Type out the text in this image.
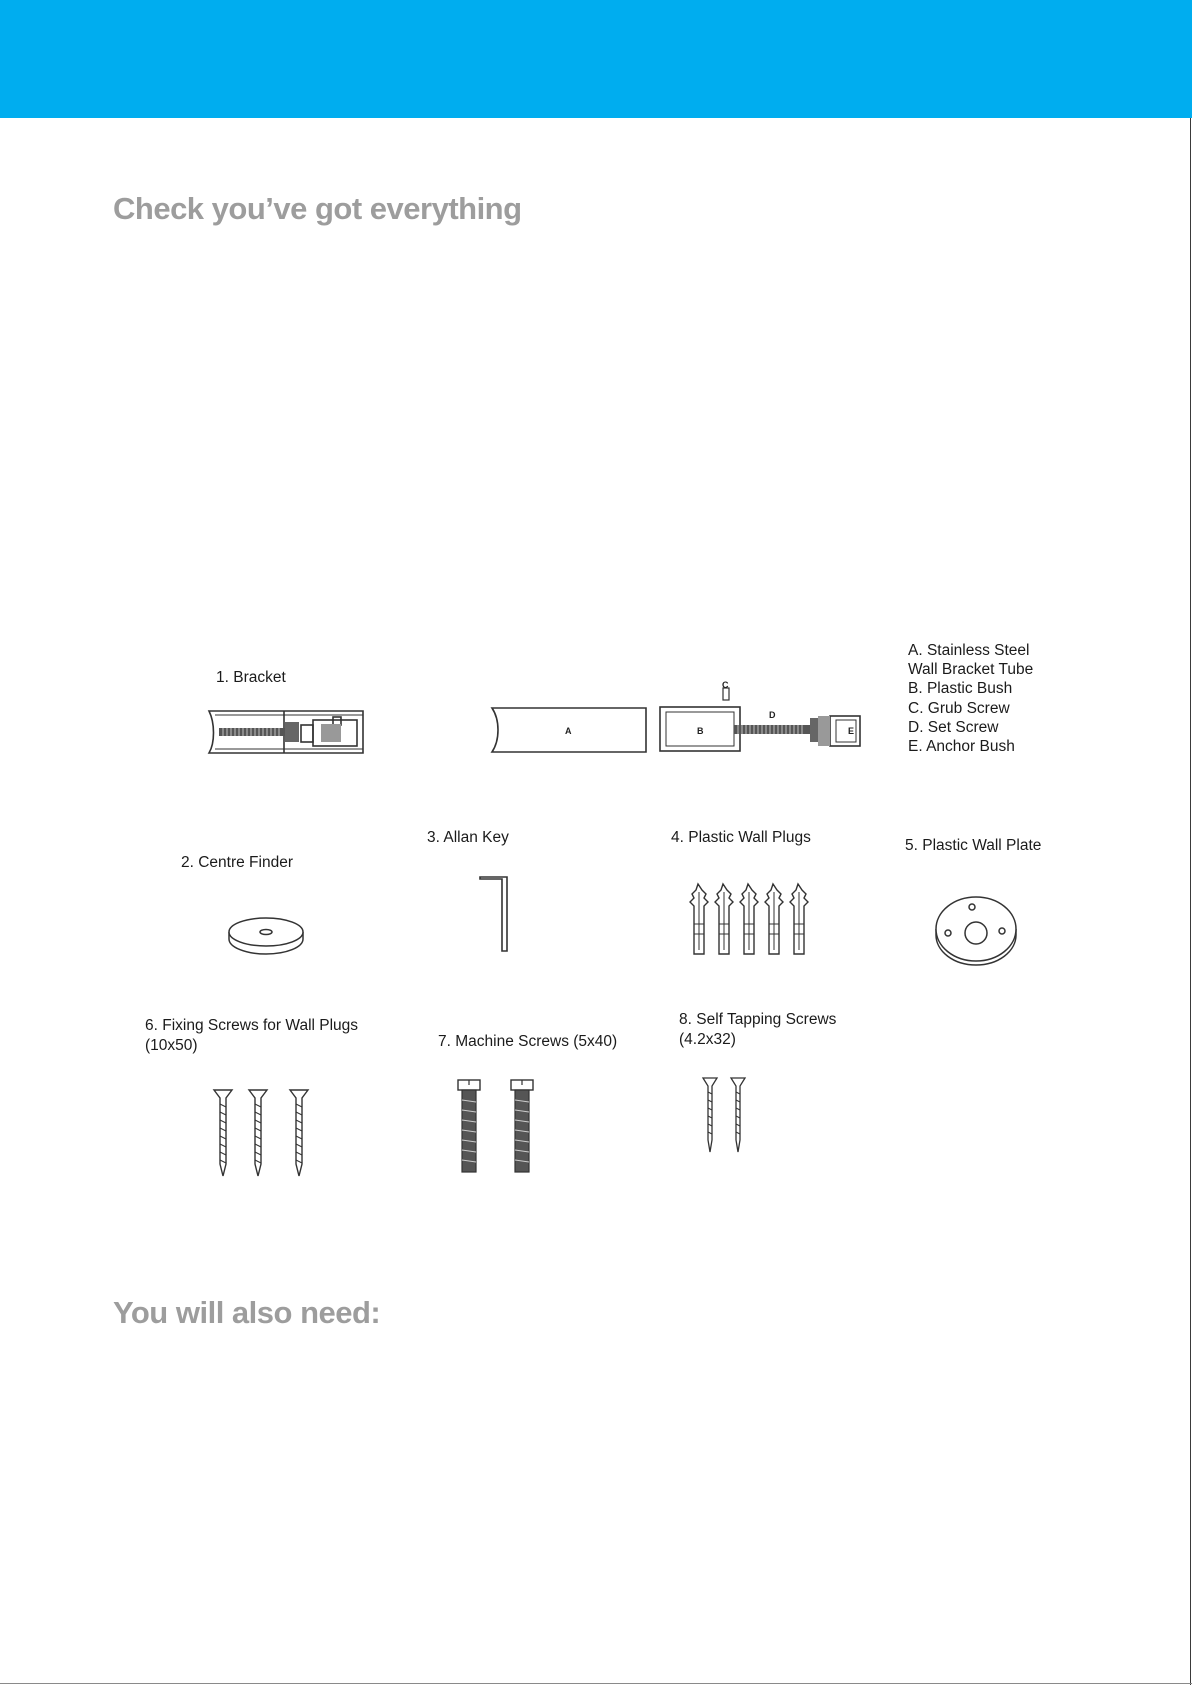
Check you’ve got everything
1. Bracket
A	B
C
D
E
A. Stainless Steel
Wall Bracket Tube
B. Plastic Bush
C. Grub Screw
D. Set Screw
E. Anchor Bush
2. Centre Finder
3. Allan Key	4. Plastic Wall Plugs	5. Plastic Wall Plate
6. Fixing Screws for Wall Plugs
(10x50)	7. Machine Screws (5x40)
8. Self Tapping Screws
(4.2x32)
You will also need:
